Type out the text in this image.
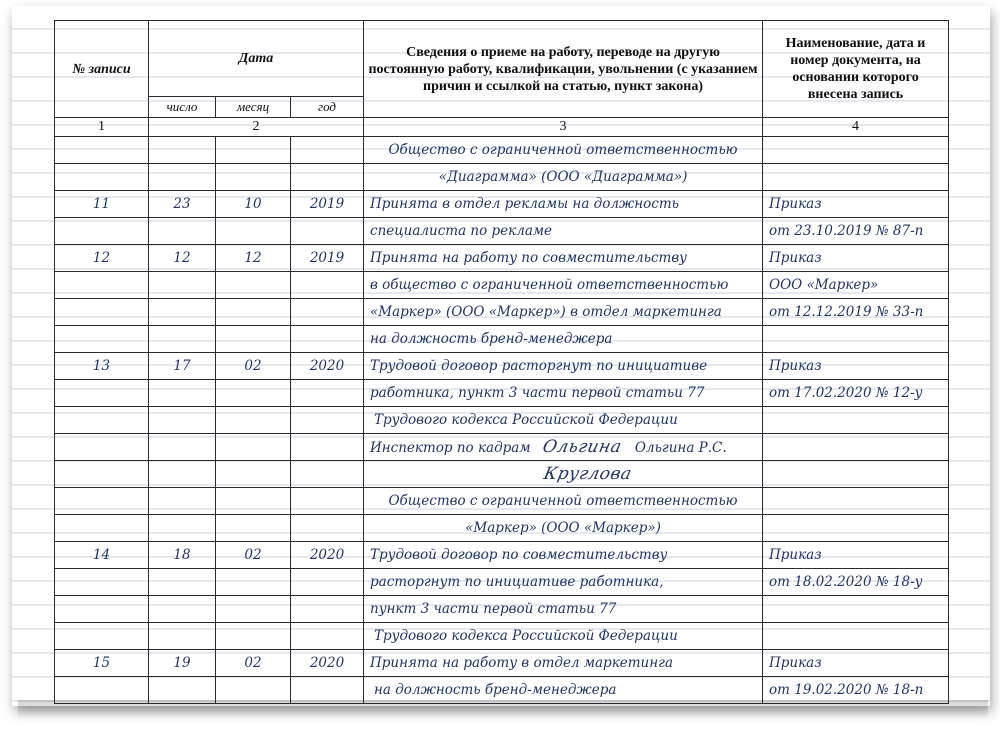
№ записи	Дата			Сведения о приеме на работу, переводе на другую постоянную работу, квалификации, увольнении (с указанием причин и ссылкой на статью, пункт закона)	Наименование, дата и номер документа, на основании которого внесена запись
	число	месяц	год		
1	2			3	4
				Общество с ограниченной ответственностью	
				«Диаграмма» (ООО «Диаграмма»)	
11	23	10	2019	Принята в отдел рекламы на должность	Приказ
				специалиста по рекламе	от 23.10.2019 № 87-п
12	12	12	2019	Принята на работу по совместительству	Приказ
				в общество с ограниченной ответственностью	ООО «Маркер»
				«Маркер» (ООО «Маркер») в отдел маркетинга	от 12.12.2019 № 33-п
				на должность бренд-менеджера	
13	17	02	2020	Трудовой договор расторгнут по инициативе	Приказ
				работника, пункт 3 части первой статьи 77	от 17.02.2020 № 12-у
				Трудового кодекса Российской Федерации	
				Инспектор по кадрам Ольгина Ольгина Р.С.	
				Круглова	
				Общество с ограниченной ответственностью	
				«Маркер» (ООО «Маркер»)	
14	18	02	2020	Трудовой договор по совместительству	Приказ
				расторгнут по инициативе работника,	от 18.02.2020 № 18-у
				пункт 3 части первой статьи 77	
				Трудового кодекса Российской Федерации	
15	19	02	2020	Принята на работу в отдел маркетинга	Приказ
				на должность бренд-менеджера	от 19.02.2020 № 18-п
